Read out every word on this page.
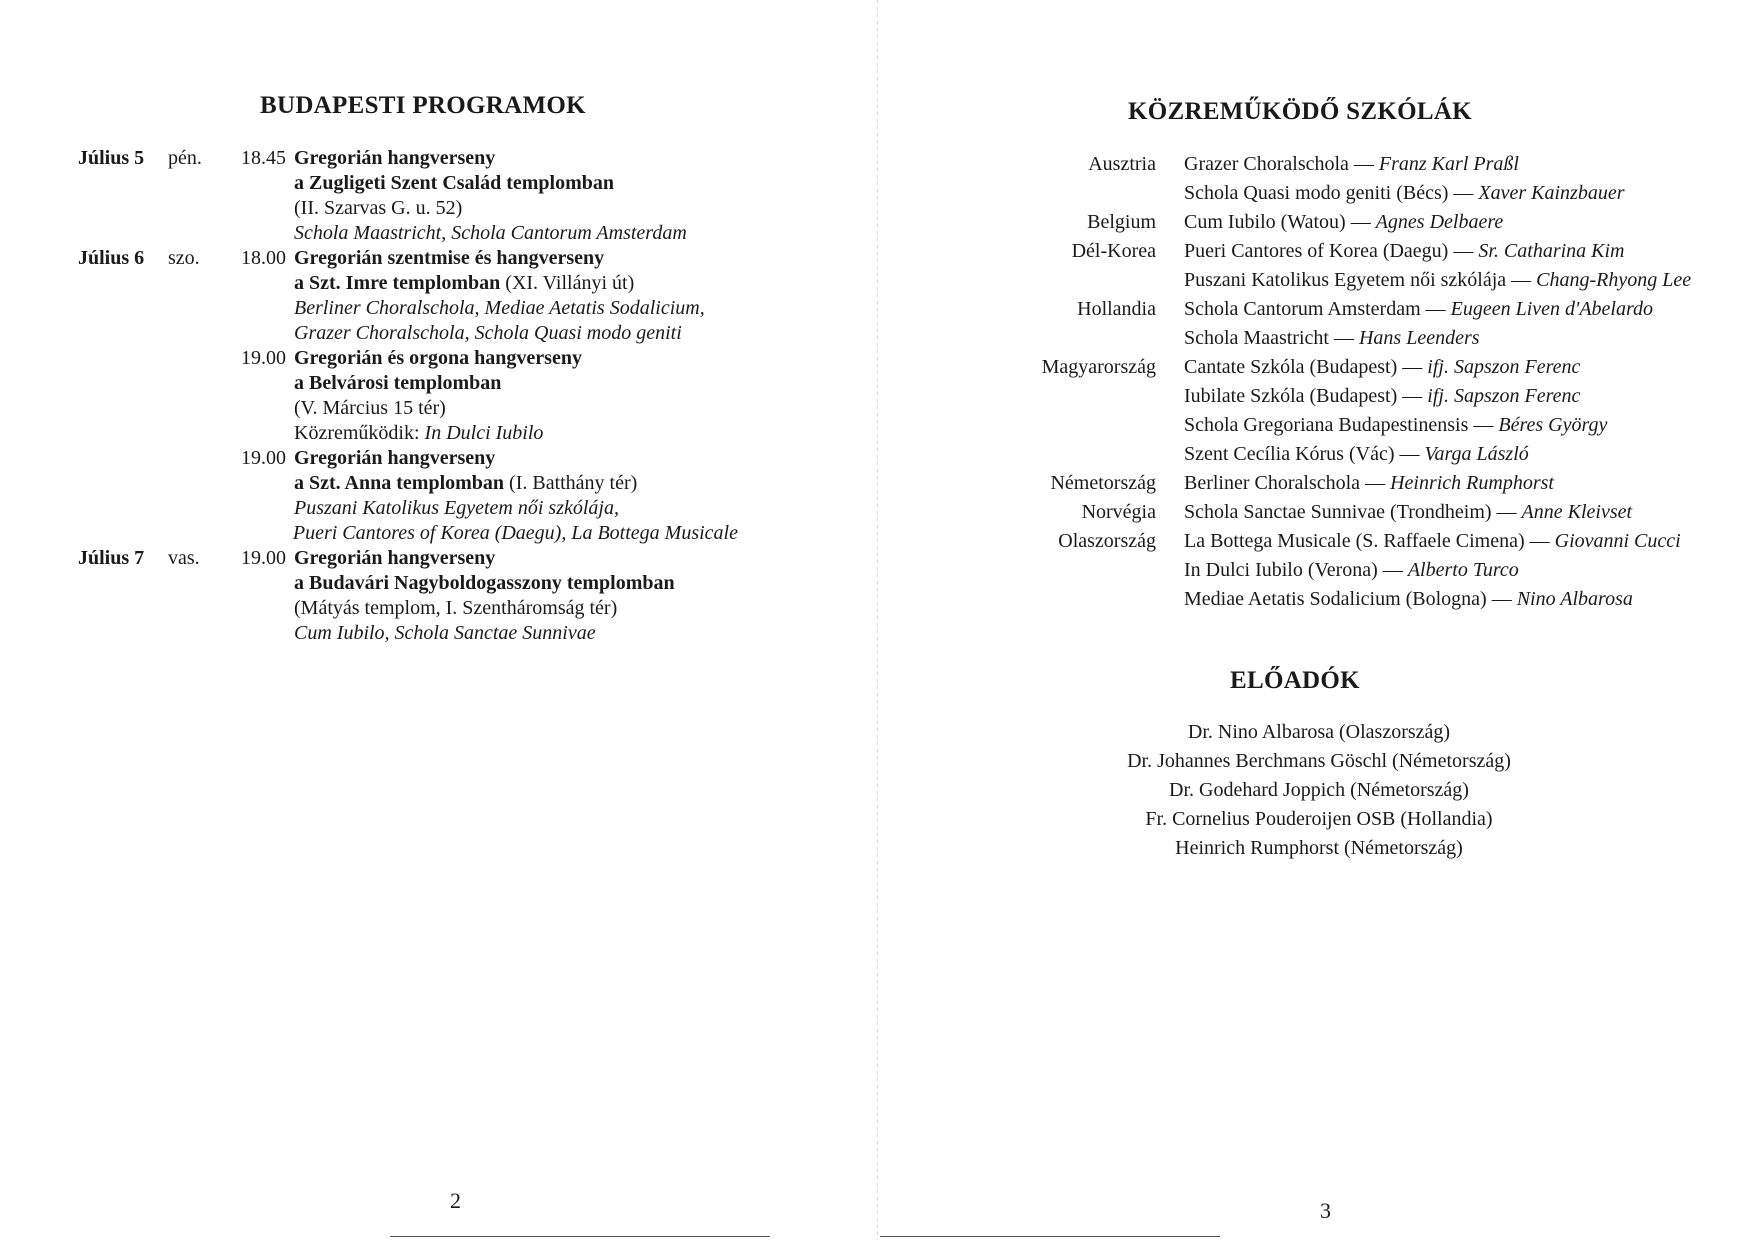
BUDAPESTI PROGRAMOK
Július 5	pén.	18.45 Gregorián hangverseny
a Zugligeti Szent Család templomban
(II. Szarvas G. u. 52)
Schola Maastricht, Schola Cantorum Amsterdam
Július 6	szo.	18.00 Gregorián szentmise és hangverseny
a Szt. Imre templomban (XI. Villányi út)
Berliner Choralschola, Mediae Aetatis Sodalicium,
Grazer Choralschola, Schola Quasi modo geniti
19.00 Gregorián és orgona hangverseny
a Belvárosi templomban
(V. Március 15 tér)
Közreműködik: In Dulci Iubilo
19.00 Gregorián hangverseny
a Szt. Anna templomban (I. Batthány tér)
Puszani Katolikus Egyetem női szkólája,
Pueri Cantores of Korea (Daegu), La Bottega Musicale
Július 7	vas.	19.00 Gregorián hangverseny
a Budavári Nagyboldogasszony templomban
(Mátyás templom, I. Szentháromság tér)
Cum Iubilo, Schola Sanctae Sunnivae
2
KÖZREMŰKÖDŐ SZKÓLÁK
Ausztria	Grazer Choralschola — Franz Karl Praßl
Schola Quasi modo geniti (Bécs) — Xaver Kainzbauer
Belgium	Cum Iubilo (Watou) — Agnes Delbaere
Dél-Korea	Pueri Cantores of Korea (Daegu) — Sr. Catharina Kim
Puszani Katolikus Egyetem női szkólája — Chang-Rhyong Lee
Hollandia	Schola Cantorum Amsterdam — Eugeen Liven d'Abelardo
Schola Maastricht — Hans Leenders
Magyarország	Cantate Szkóla (Budapest) — ifj. Sapszon Ferenc
Iubilate Szkóla (Budapest) — ifj. Sapszon Ferenc
Schola Gregoriana Budapestinensis — Béres György
Szent Cecília Kórus (Vác) — Varga László
Németország	Berliner Choralschola — Heinrich Rumphorst
Norvégia	Schola Sanctae Sunnivae (Trondheim) — Anne Kleivset
Olaszország	La Bottega Musicale (S. Raffaele Cimena) — Giovanni Cucci
In Dulci Iubilo (Verona) — Alberto Turco
Mediae Aetatis Sodalicium (Bologna) — Nino Albarosa
ELŐADÓK
Dr. Nino Albarosa (Olaszország)
Dr. Johannes Berchmans Göschl (Németország)
Dr. Godehard Joppich (Németország)
Fr. Cornelius Pouderoijen OSB (Hollandia)
Heinrich Rumphorst (Németország)
3
